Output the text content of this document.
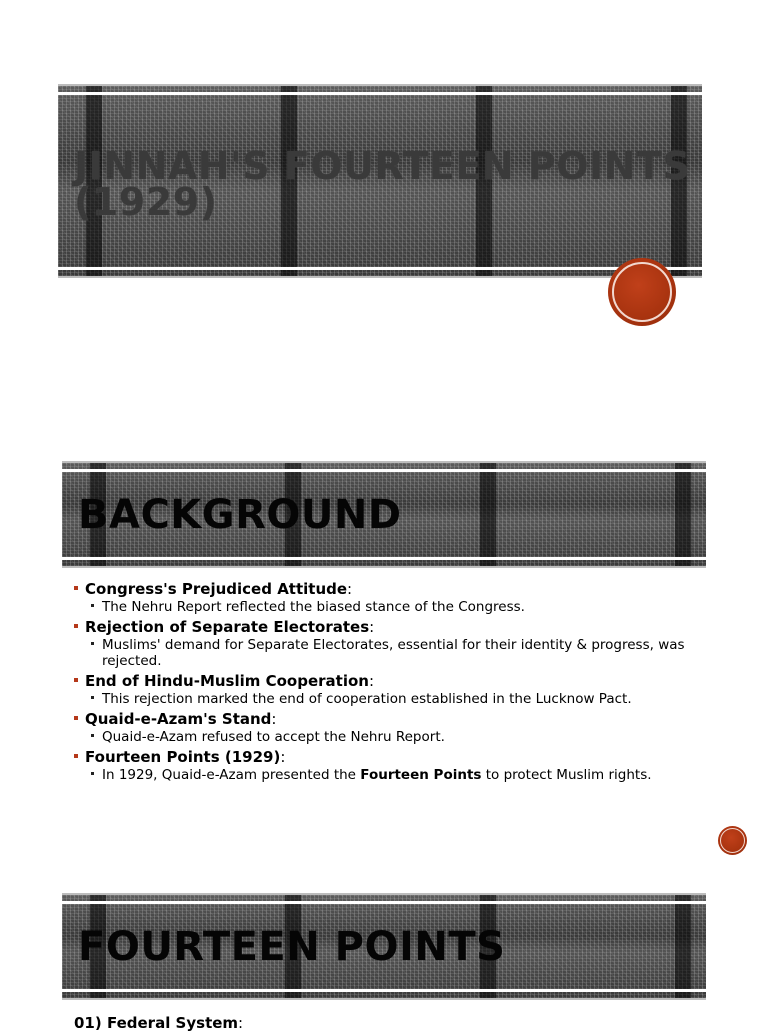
JINNAH'S FOURTEEN POINTS
(1929)
BACKGROUND
Congress's Prejudiced Attitude:
The Nehru Report reflected the biased stance of the Congress.
Rejection of Separate Electorates:
Muslims' demand for Separate Electorates, essential for their identity & progress, was rejected.
End of Hindu-Muslim Cooperation:
This rejection marked the end of cooperation established in the Lucknow Pact.
Quaid-e-Azam's Stand:
Quaid-e-Azam refused to accept the Nehru Report.
Fourteen Points (1929):
In 1929, Quaid-e-Azam presented the Fourteen Points to protect Muslim rights.
FOURTEEN POINTS
01) Federal System:
